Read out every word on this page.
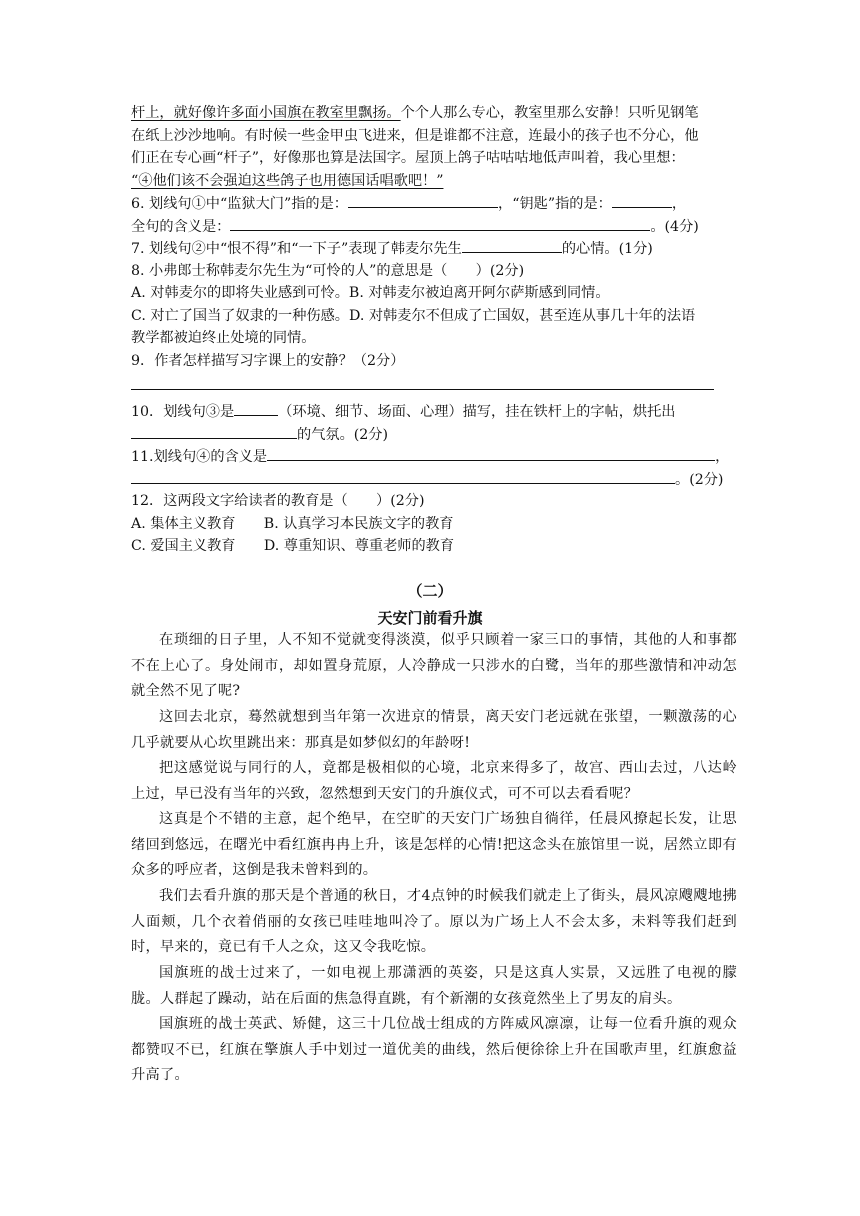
杆上，就好像许多面小国旗在教室里飘扬。个个人那么专心，教室里那么安静！只听见钢笔
在纸上沙沙地响。有时候一些金甲虫飞进来，但是谁都不注意，连最小的孩子也不分心，他
们正在专心画“杆子”，好像那也算是法国字。屋顶上鸽子咕咕咕地低声叫着，我心里想：
“④他们该不会强迫这些鸽子也用德国话唱歌吧！”
6. 划线句①中“监狱大门”指的是：	，“钥匙”指的是：	，
全句的含义是：	。(4分)
7. 划线句②中“恨不得”和“一下子”表现了韩麦尔先生	的心情。(1分)
8. 小弗郎士称韩麦尔先生为“可怜的人”的意思是（　　）(2分)
A. 对韩麦尔的即将失业感到可怜。B. 对韩麦尔被迫离开阿尔萨斯感到同情。
C. 对亡了国当了奴隶的一种伤感。D. 对韩麦尔不但成了亡国奴，甚至连从事几十年的法语
教学都被迫终止处境的同情。
9．作者怎样描写习字课上的安静？（2分）
10．划线句③是	（环境、细节、场面、心理）描写，挂在铁杆上的字帖，烘托出
的气氛。(2分)
11.划线句④的含义是	，
。(2分)
12．这两段文字给读者的教育是（　　）(2分)
A. 集体主义教育　　B. 认真学习本民族文字的教育
C. 爱国主义教育　　D. 尊重知识、尊重老师的教育
（二）
天安门前看升旗
在琐细的日子里，人不知不觉就变得淡漠，似乎只顾着一家三口的事情，其他的人和事都不在上心了。身处闹市，却如置身荒原，人冷静成一只涉水的白鹭，当年的那些激情和冲动怎就全然不见了呢?
这回去北京，蓦然就想到当年第一次进京的情景，离天安门老远就在张望，一颗激荡的心几乎就要从心坎里跳出来：那真是如梦似幻的年龄呀!
把这感觉说与同行的人，竟都是极相似的心境，北京来得多了，故宫、西山去过，八达岭上过，早已没有当年的兴致，忽然想到天安门的升旗仪式，可不可以去看看呢？
这真是个不错的主意，起个绝早，在空旷的天安门广场独自徜徉，任晨风撩起长发，让思绪回到悠远，在曙光中看红旗冉冉上升，该是怎样的心情!把这念头在旅馆里一说，居然立即有众多的呼应者，这倒是我未曾料到的。
我们去看升旗的那天是个普通的秋日，才4点钟的时候我们就走上了街头，晨风凉飕飕地拂人面颊，几个衣着俏丽的女孩已哇哇地叫冷了。原以为广场上人不会太多，未料等我们赶到时，早来的，竟已有千人之众，这又令我吃惊。
国旗班的战士过来了，一如电视上那潇洒的英姿，只是这真人实景，又远胜了电视的朦胧。人群起了躁动，站在后面的焦急得直跳，有个新潮的女孩竟然坐上了男友的肩头。
国旗班的战士英武、矫健，这三十几位战士组成的方阵威风凛凛，让每一位看升旗的观众都赞叹不已，红旗在擎旗人手中划过一道优美的曲线，然后便徐徐上升在国歌声里，红旗愈益升高了。
